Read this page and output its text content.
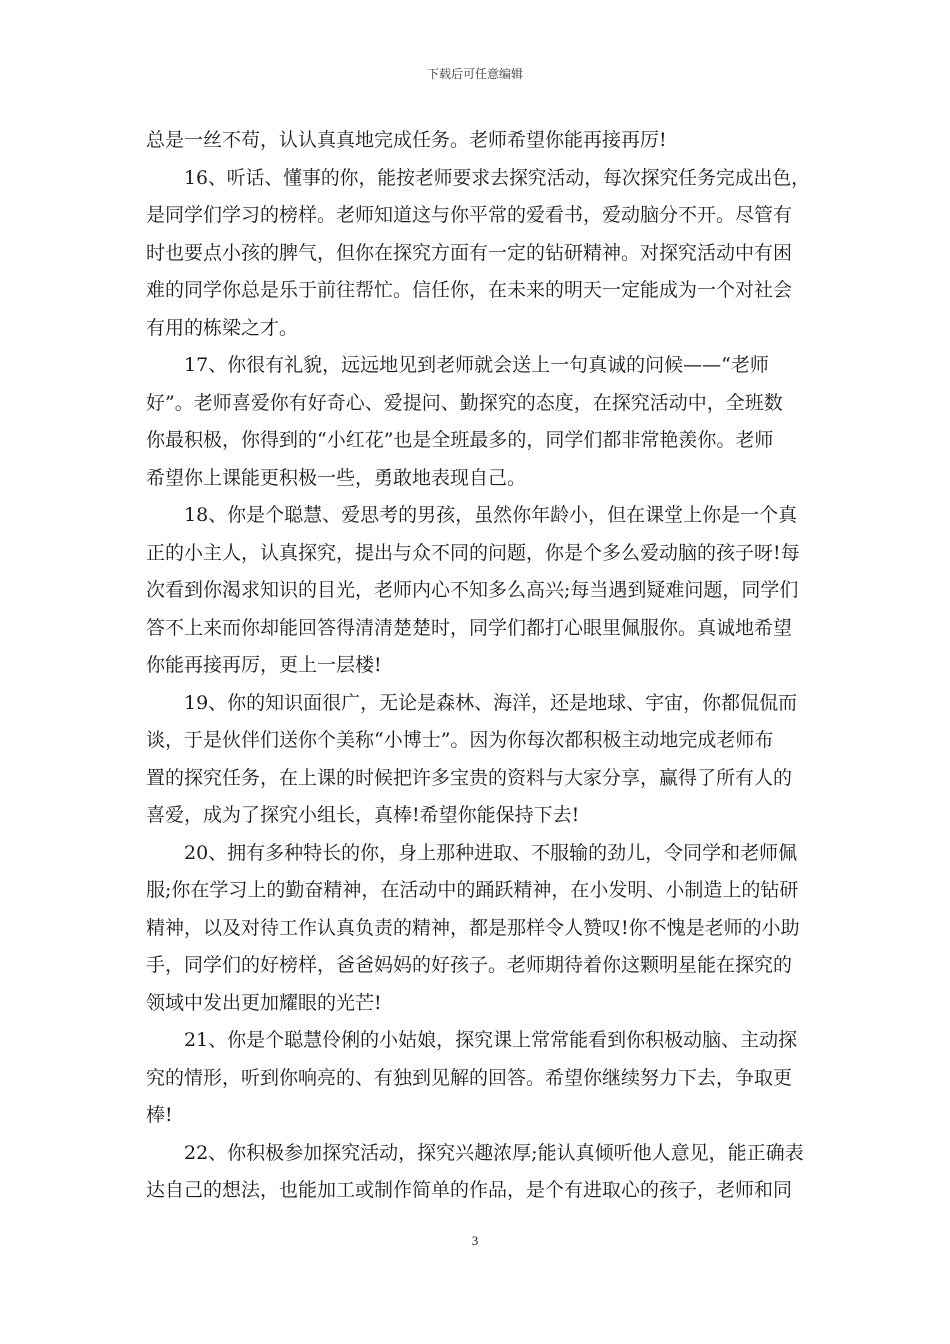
下载后可任意编辑
总是一丝不苟，认认真真地完成任务。老师希望你能再接再厉!
16、听话、懂事的你，能按老师要求去探究活动，每次探究任务完成出色，
是同学们学习的榜样。老师知道这与你平常的爱看书，爱动脑分不开。尽管有
时也要点小孩的脾气，但你在探究方面有一定的钻研精神。对探究活动中有困
难的同学你总是乐于前往帮忙。信任你，在未来的明天一定能成为一个对社会
有用的栋梁之才。
17、你很有礼貌，远远地见到老师就会送上一句真诚的问候——“老师
好”。老师喜爱你有好奇心、爱提问、勤探究的态度，在探究活动中，全班数
你最积极，你得到的“小红花”也是全班最多的，同学们都非常艳羡你。老师
希望你上课能更积极一些，勇敢地表现自己。
18、你是个聪慧、爱思考的男孩，虽然你年龄小，但在课堂上你是一个真
正的小主人，认真探究，提出与众不同的问题，你是个多么爱动脑的孩子呀!每
次看到你渴求知识的目光，老师内心不知多么高兴;每当遇到疑难问题，同学们
答不上来而你却能回答得清清楚楚时，同学们都打心眼里佩服你。真诚地希望
你能再接再厉，更上一层楼!
19、你的知识面很广，无论是森林、海洋，还是地球、宇宙，你都侃侃而
谈，于是伙伴们送你个美称“小博士”。因为你每次都积极主动地完成老师布
置的探究任务，在上课的时候把许多宝贵的资料与大家分享，赢得了所有人的
喜爱，成为了探究小组长，真棒!希望你能保持下去!
20、拥有多种特长的你，身上那种进取、不服输的劲儿，令同学和老师佩
服;你在学习上的勤奋精神，在活动中的踊跃精神，在小发明、小制造上的钻研
精神，以及对待工作认真负责的精神，都是那样令人赞叹!你不愧是老师的小助
手，同学们的好榜样，爸爸妈妈的好孩子。老师期待着你这颗明星能在探究的
领域中发出更加耀眼的光芒!
21、你是个聪慧伶俐的小姑娘，探究课上常常能看到你积极动脑、主动探
究的情形，听到你响亮的、有独到见解的回答。希望你继续努力下去，争取更
棒!
22、你积极参加探究活动，探究兴趣浓厚;能认真倾听他人意见，能正确表
达自己的想法，也能加工或制作简单的作品，是个有进取心的孩子，老师和同
3
